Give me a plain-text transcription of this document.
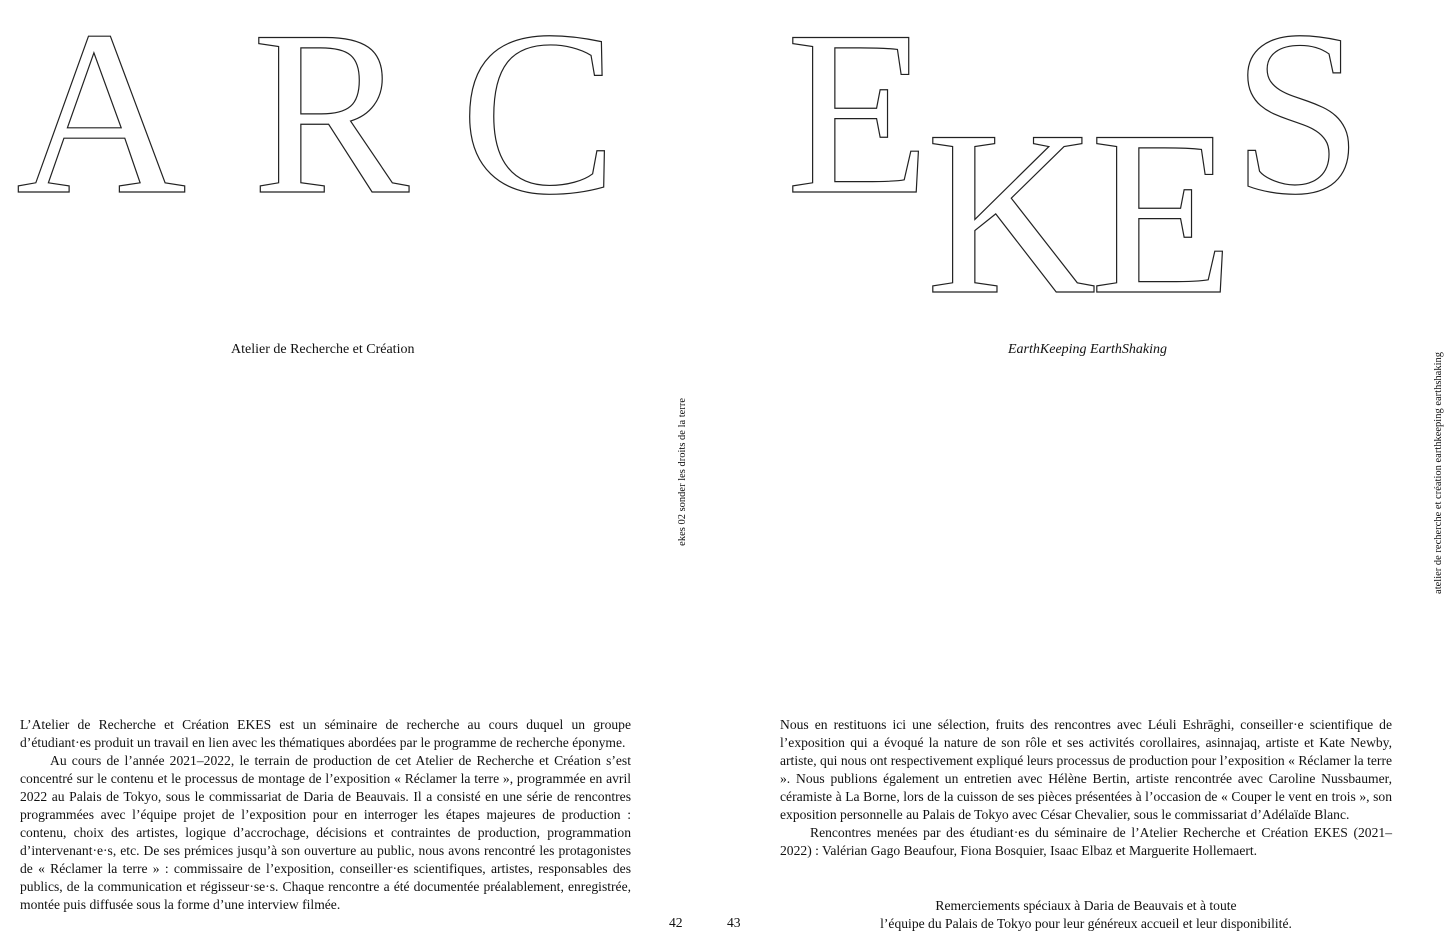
A R C
Atelier de Recherche et Création
ekes 02 sonder les droits de la terre

L’Atelier de Recherche et Création EKES est un séminaire de recherche au cours duquel un groupe d’étudiant·es produit un travail en lien avec les thématiques abordées par le programme de recherche éponyme.

Au cours de l’année 2021–2022, le terrain de production de cet Atelier de Recherche et Création s’est concentré sur le contenu et le processus de montage de l’exposition « Réclamer la terre », programmée en avril 2022 au Palais de Tokyo, sous le commissariat de Daria de Beauvais. Il a consisté en une série de rencontres programmées avec l’équipe projet de l’exposition pour en interroger les étapes majeures de production : contenu, choix des artistes, logique d’accrochage, décisions et contraintes de production, programmation d’intervenant·e·s, etc. De ses prémices jusqu’à son ouverture au public, nous avons rencontré les protagonistes de « Réclamer la terre » : commissaire de l’exposition, conseiller·es scientifiques, artistes, responsables des publics, de la communication et régisseur·se·s. Chaque rencontre a été documentée préalablement, enregistrée, montée puis diffusée sous la forme d’une interview filmée.

42
E
K
E
S
EarthKeeping EarthShaking
atelier de recherche et création earthkeeping earthshaking

Nous en restituons ici une sélection, fruits des rencontres avec Léuli Eshrāghi, conseiller·e scientifique de l’exposition qui a évoqué la nature de son rôle et ses activités corollaires, asinnajaq, artiste et Kate Newby, artiste, qui nous ont respectivement expliqué leurs processus de production pour l’exposition « Réclamer la terre ». Nous publions également un entretien avec Hélène Bertin, artiste rencontrée avec Caroline Nussbaumer, céramiste à La Borne, lors de la cuisson de ses pièces présentées à l’occasion de « Couper le vent en trois », son exposition personnelle au Palais de Tokyo avec César Chevalier, sous le commissariat d’Adélaïde Blanc.

Rencontres menées par des étudiant·es du séminaire de l’Atelier Recherche et Création EKES (2021–2022) : Valérian Gago Beaufour, Fiona Bosquier, Isaac Elbaz et Marguerite Hollemaert.

Remerciements spéciaux à Daria de Beauvais et à toute
l’équipe du Palais de Tokyo pour leur généreux accueil et leur disponibilité.
43
